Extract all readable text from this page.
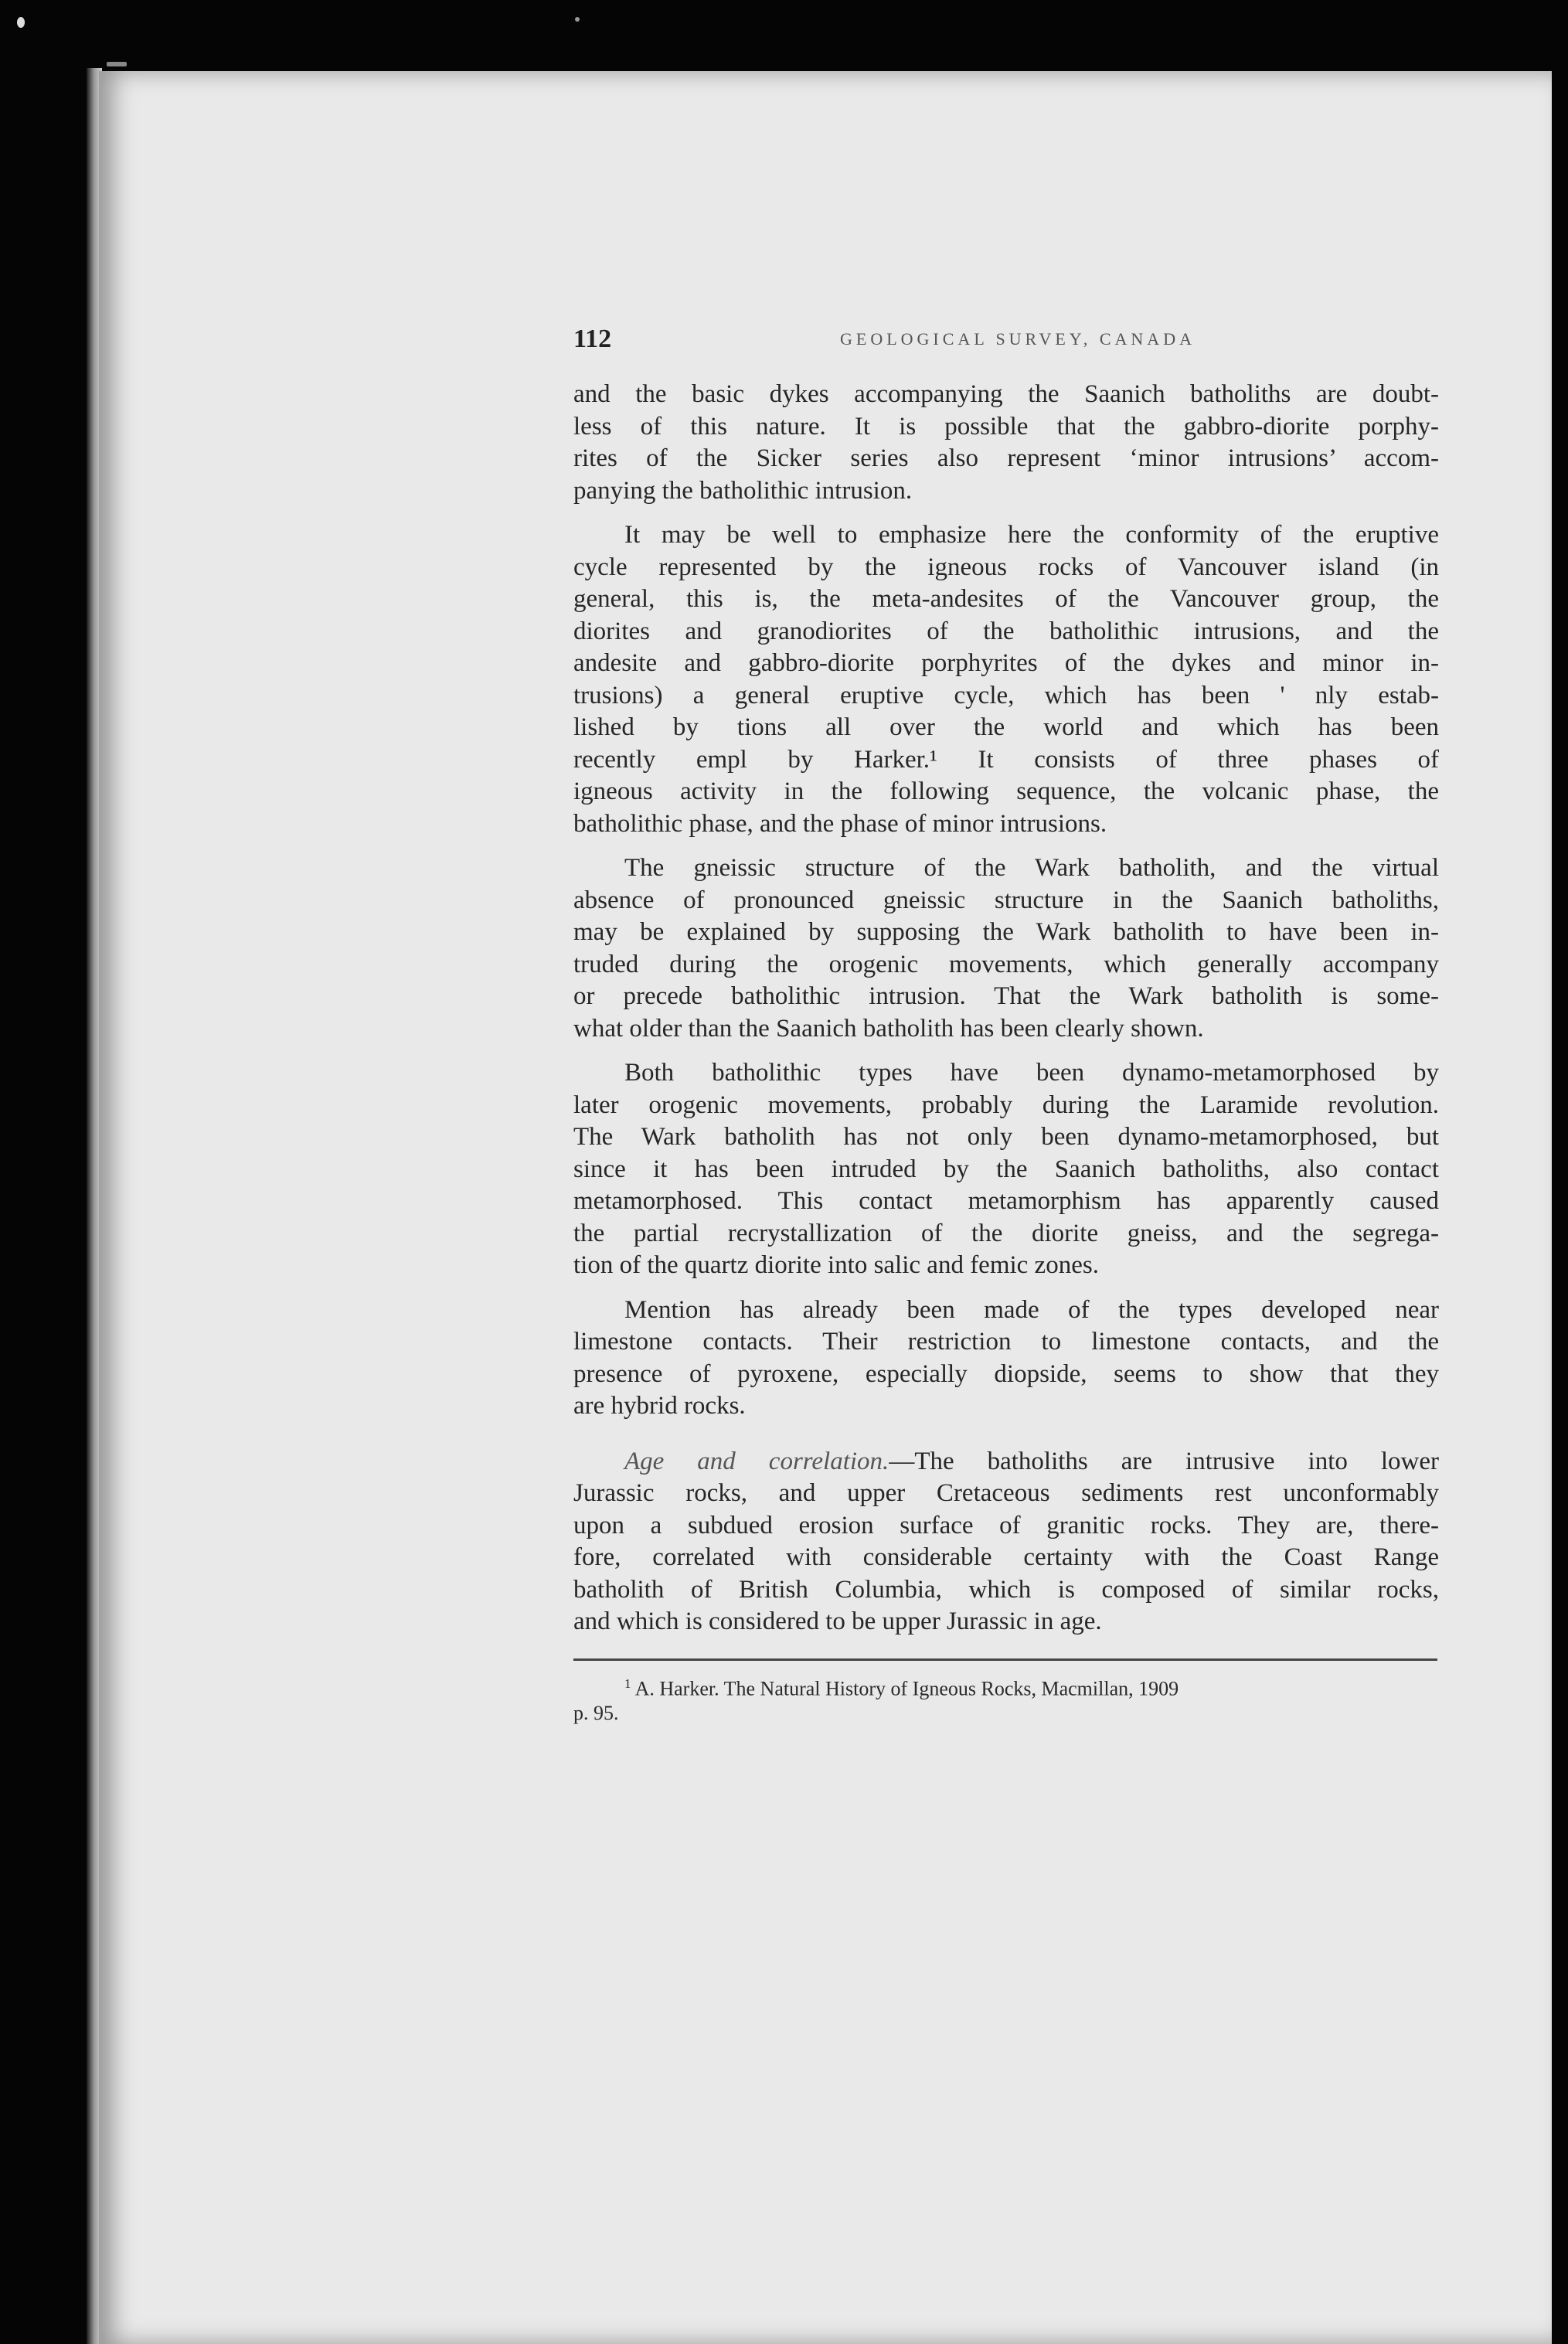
112	GEOLOGICAL SURVEY, CANADA

and the basic dykes accompanying the Saanich batholiths are doubt-
less of this nature. It is possible that the gabbro-diorite porphy-
rites of the Sicker series also represent ‘minor intrusions’ accom-
panying the batholithic intrusion.

It may be well to emphasize here the conformity of the eruptive
cycle represented by the igneous rocks of Vancouver island (in
general, this is, the meta-andesites of the Vancouver group, the
diorites and granodiorites of the batholithic intrusions, and the
andesite and gabbro-diorite porphyrites of the dykes and minor in-
trusions) a general eruptive cycle, which has been ' nly estab-
lished by tions all over the world and which has been
recently empl by Harker.¹ It consists of three phases of
igneous activity in the following sequence, the volcanic phase, the
batholithic phase, and the phase of minor intrusions.

The gneissic structure of the Wark batholith, and the virtual
absence of pronounced gneissic structure in the Saanich batholiths,
may be explained by supposing the Wark batholith to have been in-
truded during the orogenic movements, which generally accompany
or precede batholithic intrusion. That the Wark batholith is some-
what older than the Saanich batholith has been clearly shown.

Both batholithic types have been dynamo-metamorphosed by
later orogenic movements, probably during the Laramide revolution.
The Wark batholith has not only been dynamo-metamorphosed, but
since it has been intruded by the Saanich batholiths, also contact
metamorphosed. This contact metamorphism has apparently caused
the partial recrystallization of the diorite gneiss, and the segrega-
tion of the quartz diorite into salic and femic zones.

Mention has already been made of the types developed near
limestone contacts. Their restriction to limestone contacts, and the
presence of pyroxene, especially diopside, seems to show that they
are hybrid rocks.

Age and correlation.—The batholiths are intrusive into lower
Jurassic rocks, and upper Cretaceous sediments rest unconformably
upon a subdued erosion surface of granitic rocks. They are, there-
fore, correlated with considerable certainty with the Coast Range
batholith of British Columbia, which is composed of similar rocks,
and which is considered to be upper Jurassic in age.

$^1$ A. Harker. The Natural History of Igneous Rocks, Macmillan, 1909
p. 95.
